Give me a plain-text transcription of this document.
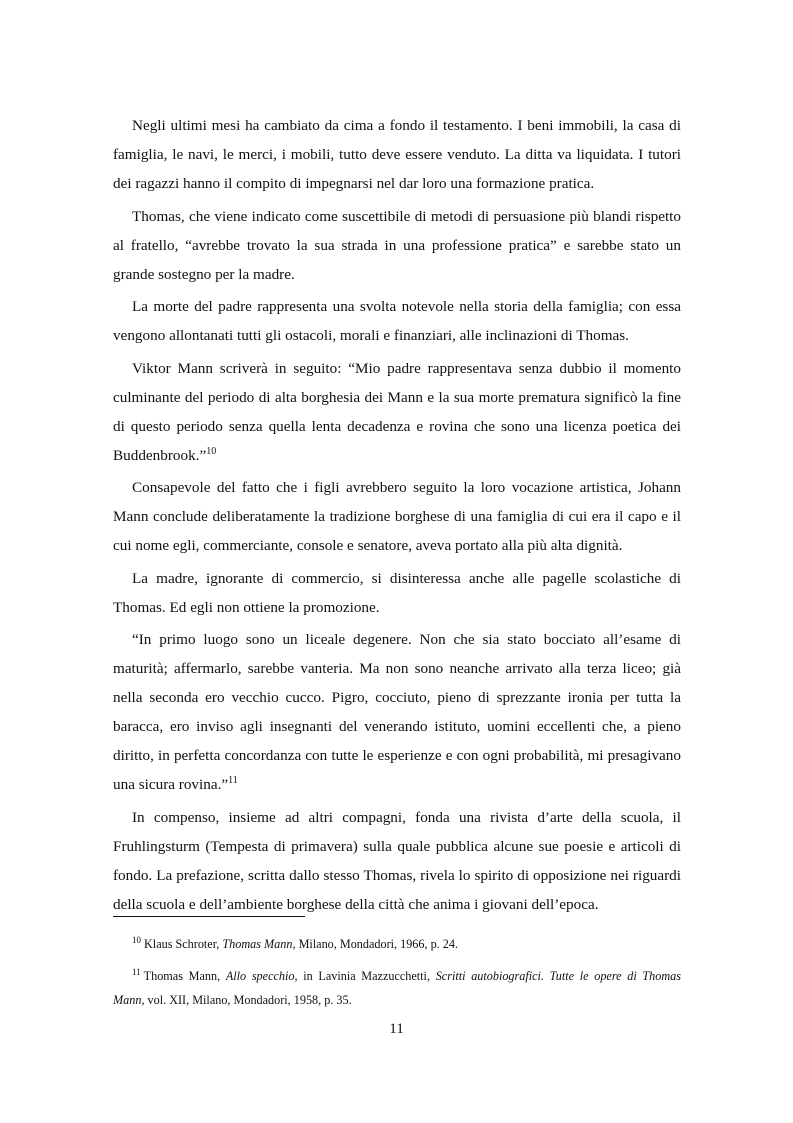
Negli ultimi mesi ha cambiato da cima a fondo il testamento. I beni immobili, la casa di famiglia, le navi, le merci, i mobili, tutto deve essere venduto. La ditta va liquidata. I tutori dei ragazzi hanno il compito di impegnarsi nel dar loro una formazione pratica.

Thomas, che viene indicato come suscettibile di metodi di persuasione più blandi rispetto al fratello, “avrebbe trovato la sua strada in una professione pratica” e sarebbe stato un grande sostegno per la madre.

La morte del padre rappresenta una svolta notevole nella storia della famiglia; con essa vengono allontanati tutti gli ostacoli, morali e finanziari, alle inclinazioni di Thomas.

Viktor Mann scriverà in seguito: “Mio padre rappresentava senza dubbio il momento culminante del periodo di alta borghesia dei Mann e la sua morte prematura significò la fine di questo periodo senza quella lenta decadenza e rovina che sono una licenza poetica dei Buddenbrook.”$^{10}$

Consapevole del fatto che i figli avrebbero seguito la loro vocazione artistica, Johann Mann conclude deliberatamente la tradizione borghese di una famiglia di cui era il capo e il cui nome egli, commerciante, console e senatore, aveva portato alla più alta dignità.

La madre, ignorante di commercio, si disinteressa anche alle pagelle scolastiche di Thomas. Ed egli non ottiene la promozione.

“In primo luogo sono un liceale degenere. Non che sia stato bocciato all’esame di maturità; affermarlo, sarebbe vanteria. Ma non sono neanche arrivato alla terza liceo; già nella seconda ero vecchio cucco. Pigro, cocciuto, pieno di sprezzante ironia per tutta la baracca, ero inviso agli insegnanti del venerando istituto, uomini eccellenti che, a pieno diritto, in perfetta concordanza con tutte le esperienze e con ogni probabilità, mi presagivano una sicura rovina.”$^{11}$

In compenso, insieme ad altri compagni, fonda una rivista d’arte della scuola, il Fruhlingsturm (Tempesta di primavera) sulla quale pubblica alcune sue poesie e articoli di fondo. La prefazione, scritta dallo stesso Thomas, rivela lo spirito di opposizione nei riguardi della scuola e dell’ambiente borghese della città che anima i giovani dell’epoca.

$^{10}$ Klaus Schroter, Thomas Mann, Milano, Mondadori, 1966, p. 24.

$^{11}$ Thomas Mann, Allo specchio, in Lavinia Mazzucchetti, Scritti autobiografici. Tutte le opere di Thomas Mann, vol. XII, Milano, Mondadori, 1958, p. 35.

11
